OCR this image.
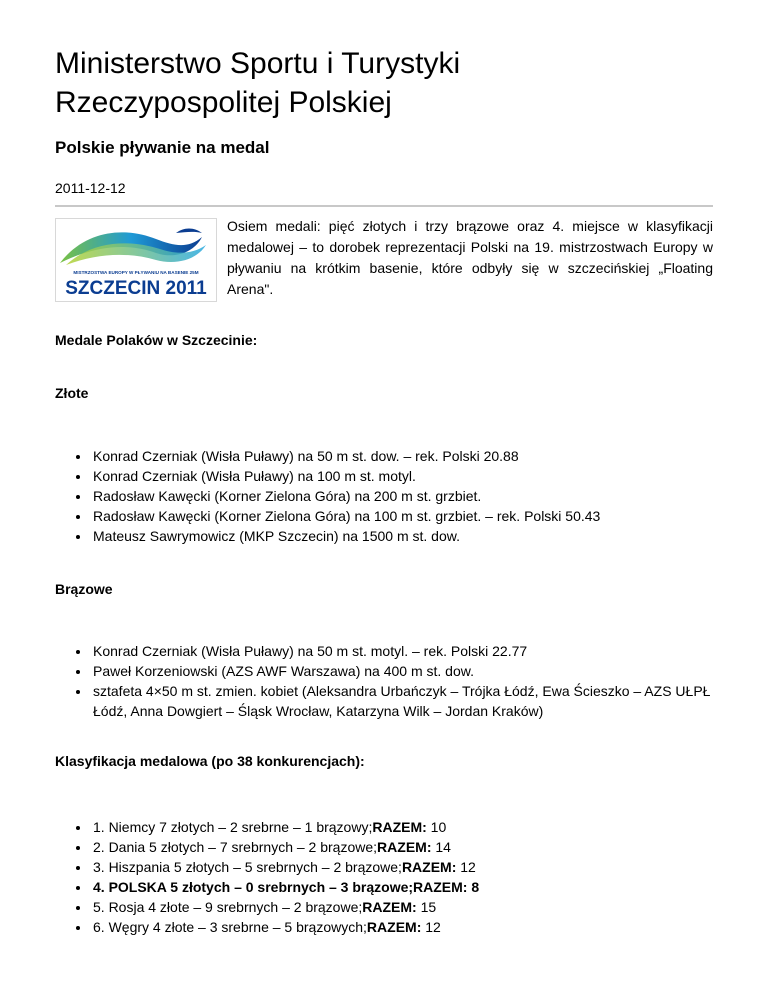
Ministerstwo Sportu i Turystyki
Rzeczypospolitej Polskiej
Polskie pływanie na medal
2011-12-12
MISTRZOSTWA EUROPY W PŁYWANIU NA BASENIE 25M
SZCZECIN 2011

Osiem medali: pięć złotych i trzy brązowe oraz 4. miejsce w klasyfikacji medalowej – to dorobek reprezentacji Polski na 19. mistrzostwach Europy w pływaniu na krótkim basenie, które odbyły się w szczecińskiej „Floating Arena".

Medale Polaków w Szczecinie:
Złote
• Konrad Czerniak (Wisła Puławy) na 50 m st. dow. – rek. Polski 20.88
• Konrad Czerniak (Wisła Puławy) na 100 m st. motyl.
• Radosław Kawęcki (Korner Zielona Góra) na 200 m st. grzbiet.
• Radosław Kawęcki (Korner Zielona Góra) na 100 m st. grzbiet. – rek. Polski 50.43
• Mateusz Sawrymowicz (MKP Szczecin) na 1500 m st. dow.
Brązowe
• Konrad Czerniak (Wisła Puławy) na 50 m st. motyl. – rek. Polski 22.77
• Paweł Korzeniowski (AZS AWF Warszawa) na 400 m st. dow.
• sztafeta 4×50 m st. zmien. kobiet (Aleksandra Urbańczyk – Trójka Łódź, Ewa Ścieszko – AZS UŁPŁ Łódź, Anna Dowgiert – Śląsk Wrocław, Katarzyna Wilk – Jordan Kraków)
Klasyfikacja medalowa (po 38 konkurencjach):
• 1. Niemcy 7 złotych – 2 srebrne – 1 brązowy;RAZEM: 10
• 2. Dania 5 złotych – 7 srebrnych – 2 brązowe;RAZEM: 14
• 3. Hiszpania 5 złotych – 5 srebrnych – 2 brązowe;RAZEM: 12
• 4. POLSKA 5 złotych – 0 srebrnych – 3 brązowe;RAZEM: 8
• 5. Rosja 4 złote – 9 srebrnych – 2 brązowe;RAZEM: 15
• 6. Węgry 4 złote – 3 srebrne – 5 brązowych;RAZEM: 12
